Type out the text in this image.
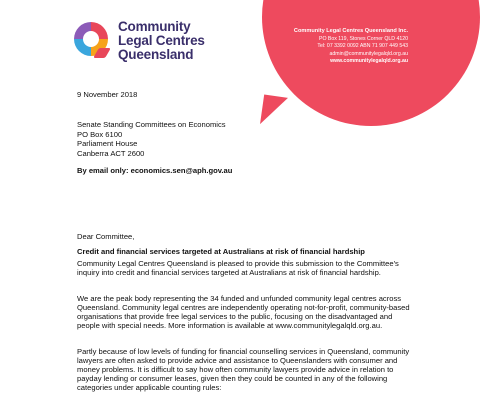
Community
Legal Centres
Queensland
Community Legal Centres Queensland Inc.
PO Box 119, Stones Corner QLD 4120
Tel: 07 3392 0092 ABN 71 907 449 543
admin@communitylegalqld.org.au
www.communitylegalqld.org.au
9 November 2018
Senate Standing Committees on Economics
PO Box 6100
Parliament House
Canberra ACT 2600
By email only: economics.sen@aph.gov.au
Dear Committee,
Credit and financial services targeted at Australians at risk of financial hardship
Community Legal Centres Queensland is pleased to provide this submission to the Committee's inquiry into credit and financial services targeted at Australians at risk of financial hardship.
We are the peak body representing the 34 funded and unfunded community legal centres across Queensland. Community legal centres are independently operating not-for-profit, community-based organisations that provide free legal services to the public, focusing on the disadvantaged and people with special needs. More information is available at www.communitylegalqld.org.au.
Partly because of low levels of funding for financial counselling services in Queensland, community lawyers are often asked to provide advice and assistance to Queenslanders with consumer and money problems. It is difficult to say how often community lawyers provide advice in relation to payday lending or consumer leases, given then they could be counted in any of the following categories under applicable counting rules:
